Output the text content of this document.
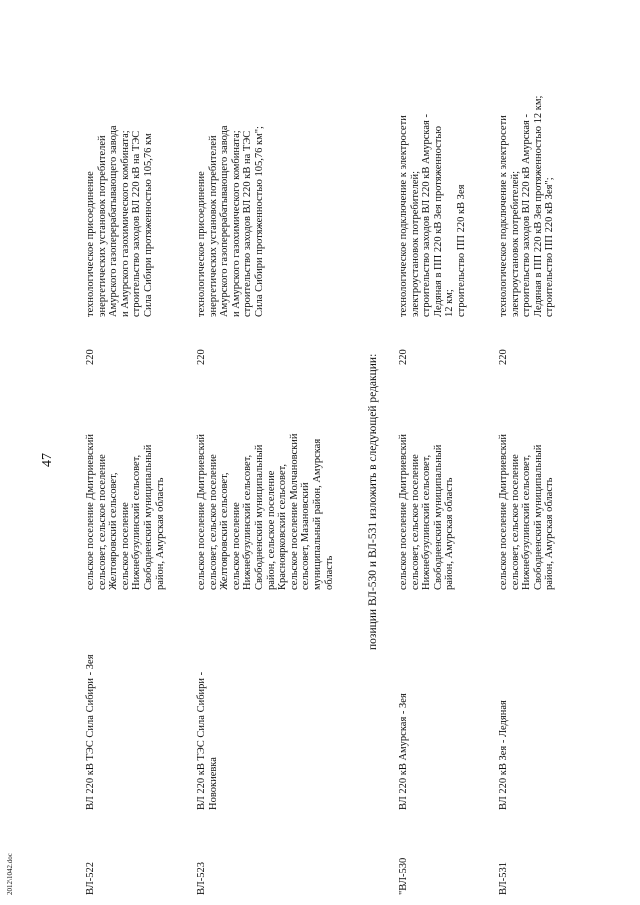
2012\1042.doc
47
ВЛ-522
ВЛ 220 кВ ТЭС Сила Сибири - Зея
сельское поселение Дмитриевский сельсовет, сельское поселение Желтояровский сельсовет, сельское поселение Нижнебузулинский сельсовет, Свободненский муниципальный район, Амурская область
220
технологическое присоединение энергетических установок потребителей Амурского газоперерабатывающего завода и Амурского газохимического комбината; строительство заходов ВЛ 220 кВ на ТЭС Сила Сибири протяженностью 105,76 км
ВЛ-523
ВЛ 220 кВ ТЭС Сила Сибири - Новокиевка
сельское поселение Дмитриевский сельсовет, сельское поселение Желтояровский сельсовет, сельское поселение Нижнебузулинский сельсовет, Свободненский муниципальный район, сельское поселение Красноярковский сельсовет, сельское поселение Молчановский сельсовет, Мазановский муниципальный район, Амурская область
220
технологическое присоединение энергетических установок потребителей Амурского газоперерабатывающего завода и Амурского газохимического комбината; строительство заходов ВЛ 220 кВ на ТЭС Сила Сибири протяженностью 105,76 км";
позиции ВЛ-530 и ВЛ-531 изложить в следующей редакции:
"ВЛ-530
ВЛ 220 кВ Амурская - Зея
сельское поселение Дмитриевский сельсовет, сельское поселение Нижнебузулинский сельсовет, Свободненский муниципальный район, Амурская область
220
технологическое подключение к электросети электроустановок потребителей; строительство заходов ВЛ 220 кВ Амурская - Ледяная в ПП 220 кВ Зея протяженностью 12 км; строительство ПП 220 кВ Зея
ВЛ-531
ВЛ 220 кВ Зея - Ледяная
сельское поселение Дмитриевский сельсовет, сельское поселение Нижнебузулинский сельсовет, Свободненский муниципальный район, Амурская область
220
технологическое подключение к электросети электроустановок потребителей; строительство заходов ВЛ 220 кВ Амурская - Ледяная в ПП 220 кВ Зея протяженностью 12 км; строительство ПП 220 кВ Зея";
